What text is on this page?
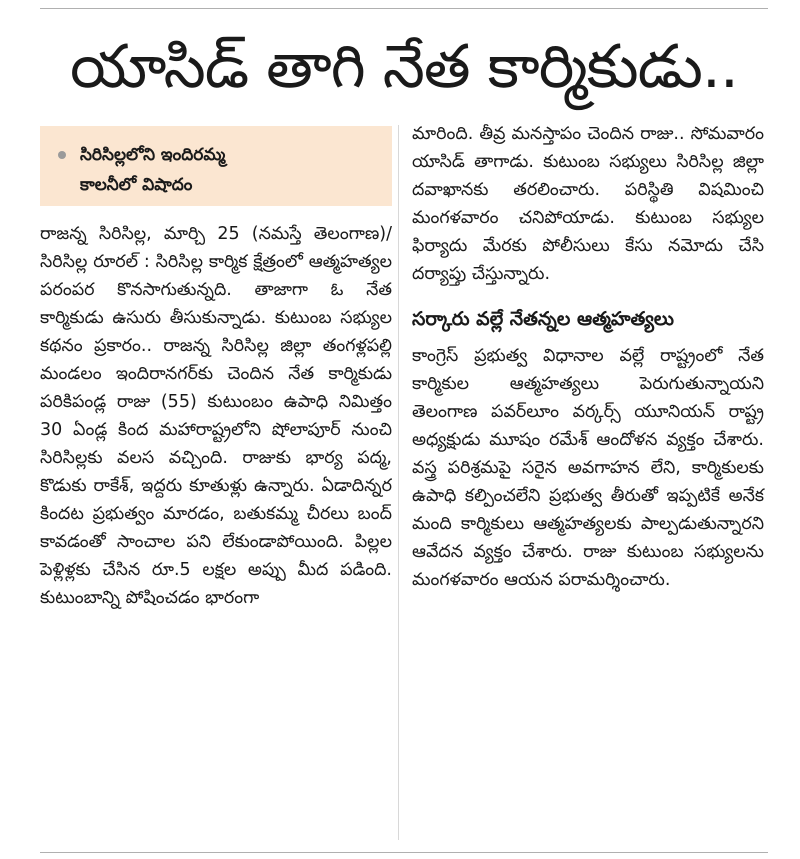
యాసిడ్ తాగి నేత కార్మికుడు..
సిరిసిల్లలోని ఇందిరమ్మ
కాలనీలో విషాదం

రాజన్న సిరిసిల్ల, మార్చి 25 (నమస్తే తెలంగాణ)/ సిరిసిల్ల రూరల్ : సిరిసిల్ల కార్మిక క్షేత్రంలో ఆత్మహత్యల పరంపర కొనసాగుతున్నది. తాజాగా ఓ నేత కార్మికుడు ఉసురు తీసుకున్నాడు. కుటుంబ సభ్యుల కథనం ప్రకారం.. రాజన్న సిరిసిల్ల జిల్లా తంగళ్లపల్లి మండలం ఇందిరానగర్‌కు చెందిన నేత కార్మికుడు పరికిపండ్ల రాజు (55) కుటుంబం ఉపాధి నిమిత్తం 30 ఏండ్ల కింద మహారాష్ట్రలోని షోలాపూర్ నుంచి సిరిసిల్లకు వలస వచ్చింది. రాజుకు భార్య పద్మ, కొడుకు రాకేశ్, ఇద్దరు కూతుళ్లు ఉన్నారు. ఏడాదిన్నర కిందట ప్రభుత్వం మారడం, బతుకమ్మ చీరలు బంద్ కావడంతో సాంచాల పని లేకుండాపోయింది. పిల్లల పెళ్లిళ్లకు చేసిన రూ.5 లక్షల అప్పు మీద పడింది. కుటుంబాన్ని పోషించడం భారంగా

మారింది. తీవ్ర మనస్తాపం చెందిన రాజు.. సోమవారం యాసిడ్ తాగాడు. కుటుంబ సభ్యులు సిరిసిల్ల జిల్లా దవాఖానకు తరలించారు. పరిస్థితి విషమించి మంగళవారం చనిపోయాడు. కుటుంబ సభ్యుల ఫిర్యాదు మేరకు పోలీసులు కేసు నమోదు చేసి దర్యాప్తు చేస్తున్నారు.

సర్కారు వల్లే నేతన్నల ఆత్మహత్యలు

కాంగ్రెస్ ప్రభుత్వ విధానాల వల్లే రాష్ట్రంలో నేత కార్మికుల ఆత్మహత్యలు పెరుగుతున్నాయని తెలంగాణ పవర్‌లూం వర్కర్స్ యూనియన్ రాష్ట్ర అధ్యక్షుడు మూషం రమేశ్ ఆందోళన వ్యక్తం చేశారు. వస్త్ర పరిశ్రమపై సరైన అవగాహన లేని, కార్మికులకు ఉపాధి కల్పించలేని ప్రభుత్వ తీరుతో ఇప్పటికే అనేక మంది కార్మికులు ఆత్మహత్యలకు పాల్పడుతున్నారని ఆవేదన వ్యక్తం చేశారు. రాజు కుటుంబ సభ్యులను మంగళవారం ఆయన పరామర్శించారు.
